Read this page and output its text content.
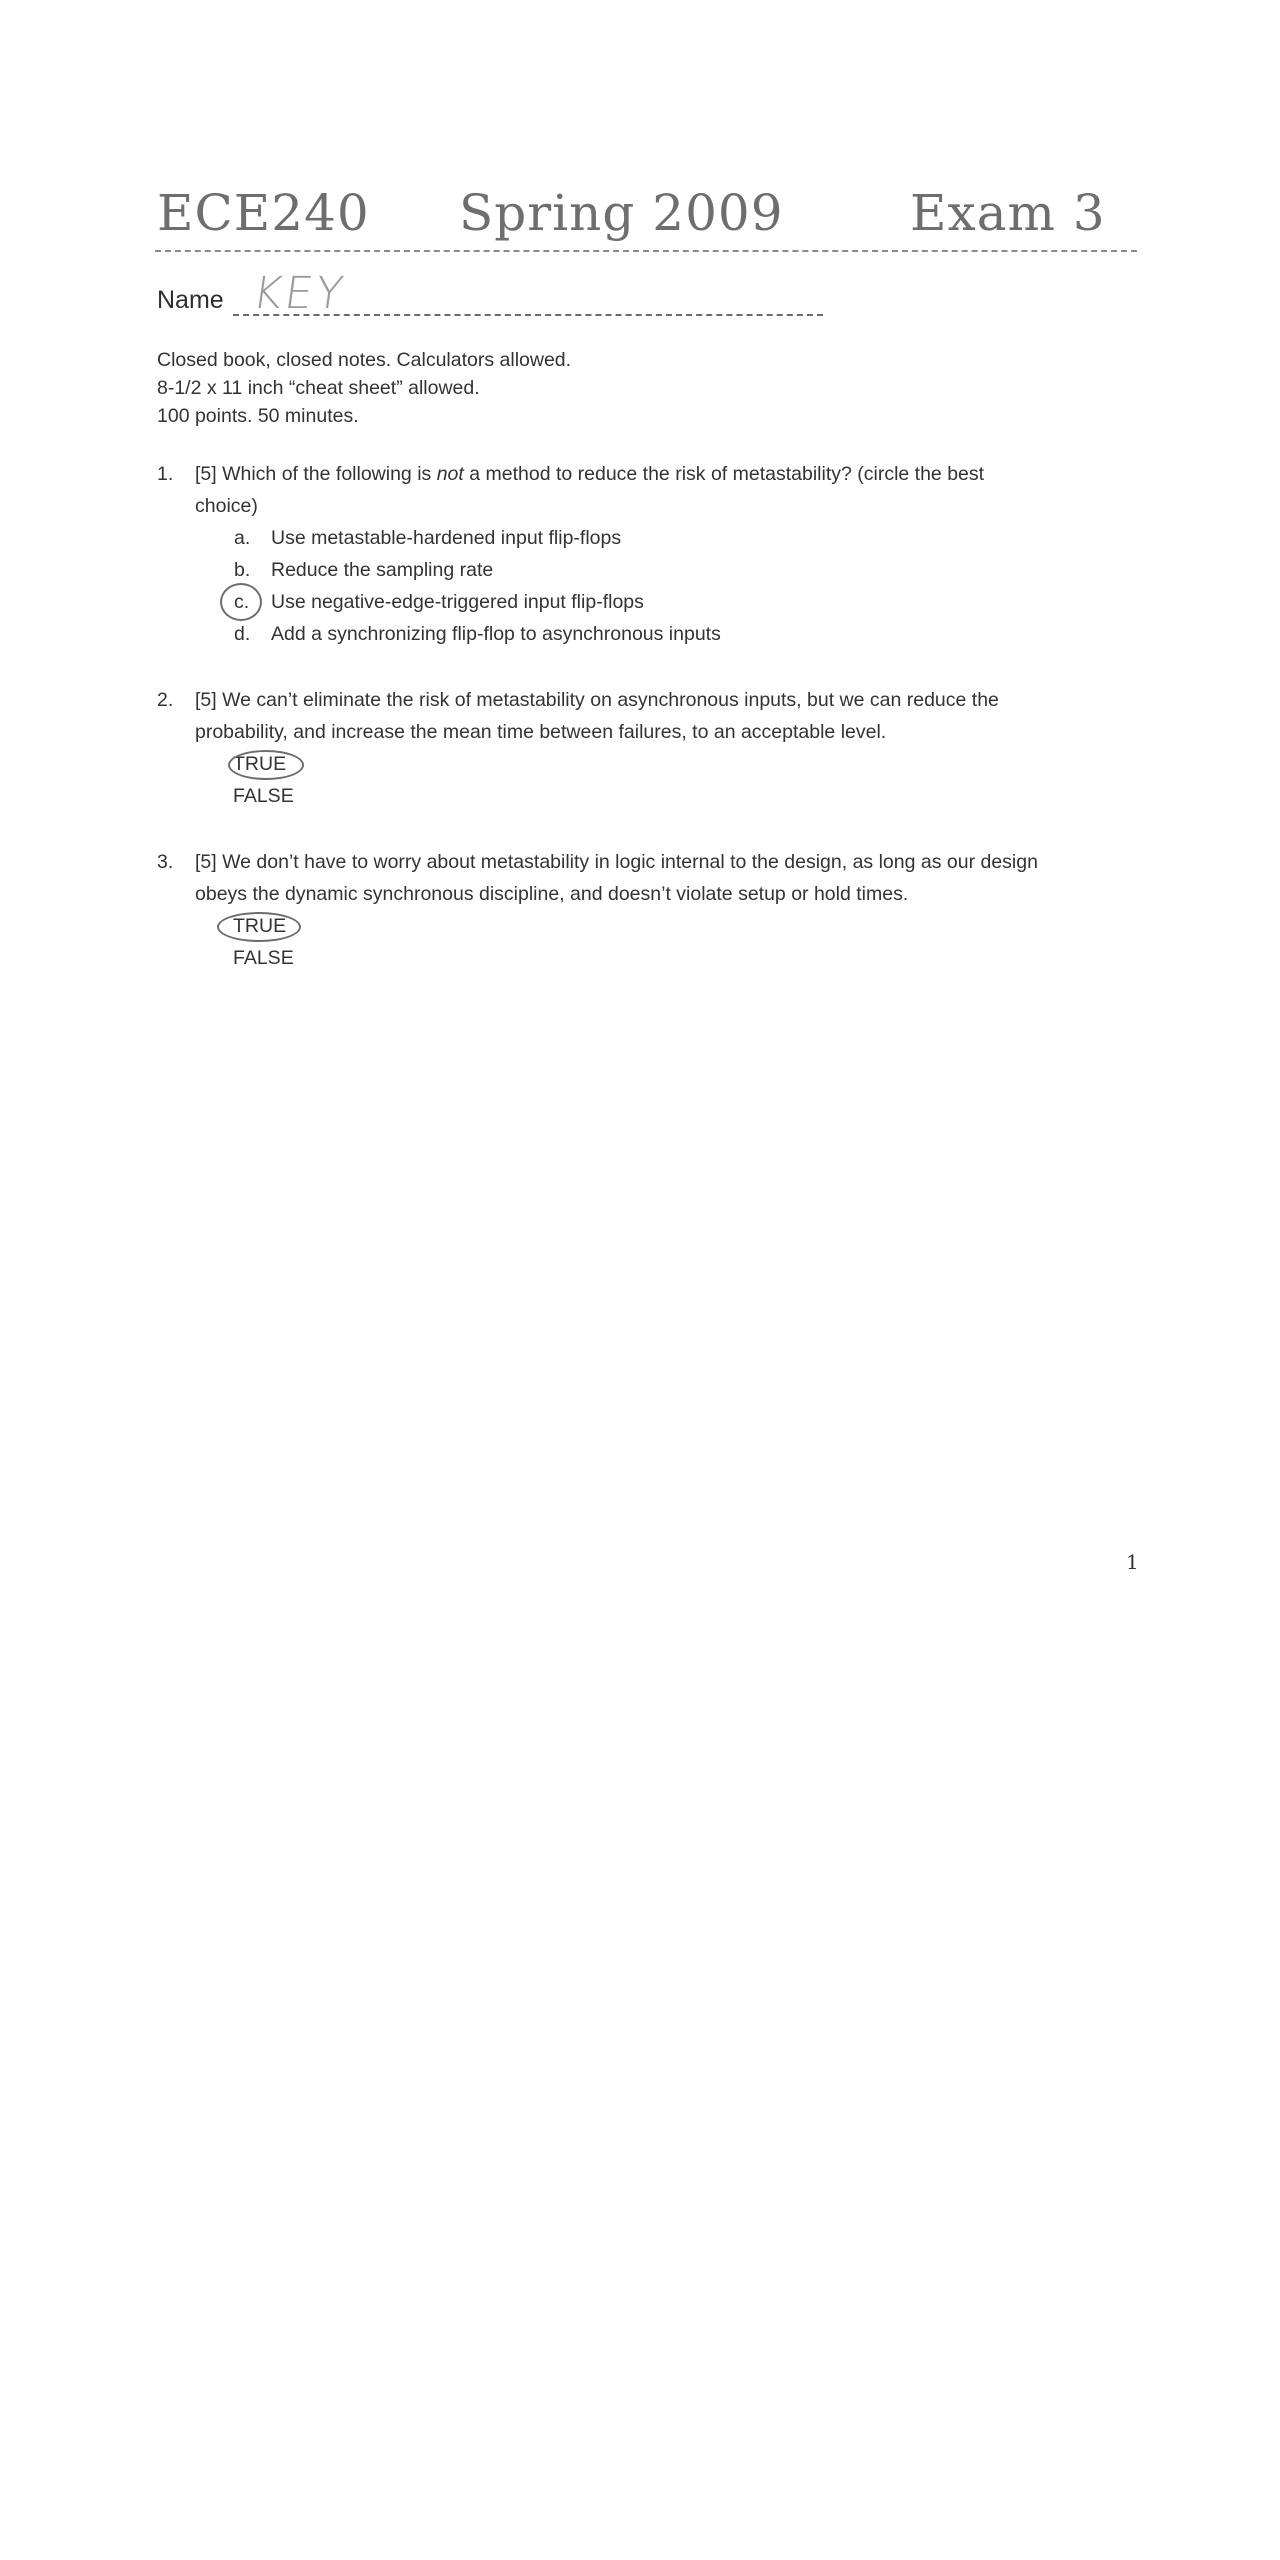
ECE240 Spring 2009	Exam 3
Name KEY
Closed book, closed notes. Calculators allowed.
8-1/2 x 11 inch “cheat sheet” allowed.
100 points. 50 minutes.
1. [5] Which of the following is not a method to reduce the risk of metastability? (circle the best
choice)
a.	Use metastable-hardened input flip-flops
b.	Reduce the sampling rate
c.	Use negative-edge-triggered input flip-flops
d.	Add a synchronizing flip-flop to asynchronous inputs
2. [5] We can’t eliminate the risk of metastability on asynchronous inputs, but we can reduce the
probability, and increase the mean time between failures, to an acceptable level.
TRUE
FALSE
3. [5] We don’t have to worry about metastability in logic internal to the design, as long as our design
obeys the dynamic synchronous discipline, and doesn’t violate setup or hold times.
TRUE
FALSE
1
